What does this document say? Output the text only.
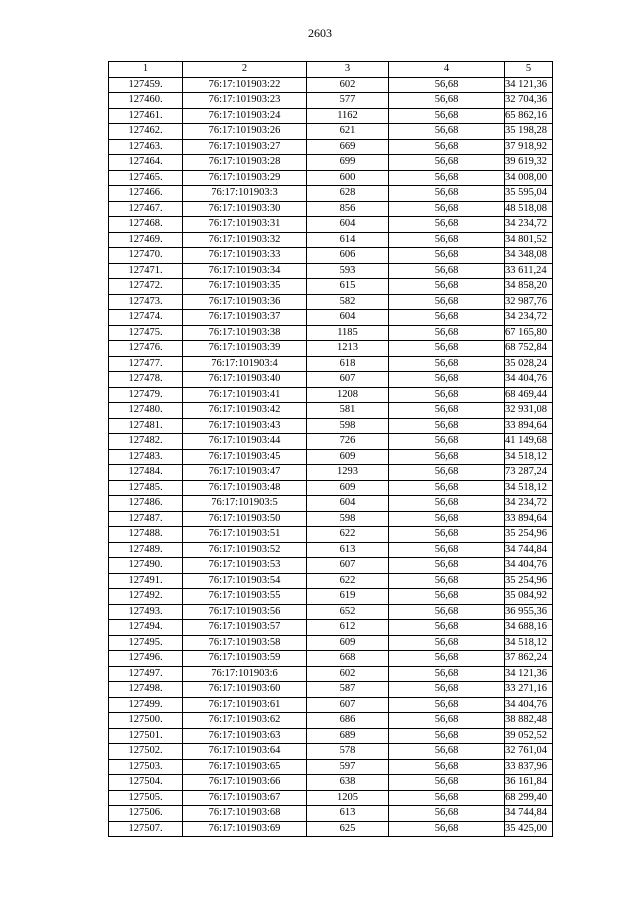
2603
1	2	3	4	5
127459.	76:17:101903:22	602	56,68	34 121,36
127460.	76:17:101903:23	577	56,68	32 704,36
127461.	76:17:101903:24	1162	56,68	65 862,16
127462.	76:17:101903:26	621	56,68	35 198,28
127463.	76:17:101903:27	669	56,68	37 918,92
127464.	76:17:101903:28	699	56,68	39 619,32
127465.	76:17:101903:29	600	56,68	34 008,00
127466.	76:17:101903:3	628	56,68	35 595,04
127467.	76:17:101903:30	856	56,68	48 518,08
127468.	76:17:101903:31	604	56,68	34 234,72
127469.	76:17:101903:32	614	56,68	34 801,52
127470.	76:17:101903:33	606	56,68	34 348,08
127471.	76:17:101903:34	593	56,68	33 611,24
127472.	76:17:101903:35	615	56,68	34 858,20
127473.	76:17:101903:36	582	56,68	32 987,76
127474.	76:17:101903:37	604	56,68	34 234,72
127475.	76:17:101903:38	1185	56,68	67 165,80
127476.	76:17:101903:39	1213	56,68	68 752,84
127477.	76:17:101903:4	618	56,68	35 028,24
127478.	76:17:101903:40	607	56,68	34 404,76
127479.	76:17:101903:41	1208	56,68	68 469,44
127480.	76:17:101903:42	581	56,68	32 931,08
127481.	76:17:101903:43	598	56,68	33 894,64
127482.	76:17:101903:44	726	56,68	41 149,68
127483.	76:17:101903:45	609	56,68	34 518,12
127484.	76:17:101903:47	1293	56,68	73 287,24
127485.	76:17:101903:48	609	56,68	34 518,12
127486.	76:17:101903:5	604	56,68	34 234,72
127487.	76:17:101903:50	598	56,68	33 894,64
127488.	76:17:101903:51	622	56,68	35 254,96
127489.	76:17:101903:52	613	56,68	34 744,84
127490.	76:17:101903:53	607	56,68	34 404,76
127491.	76:17:101903:54	622	56,68	35 254,96
127492.	76:17:101903:55	619	56,68	35 084,92
127493.	76:17:101903:56	652	56,68	36 955,36
127494.	76:17:101903:57	612	56,68	34 688,16
127495.	76:17:101903:58	609	56,68	34 518,12
127496.	76:17:101903:59	668	56,68	37 862,24
127497.	76:17:101903:6	602	56,68	34 121,36
127498.	76:17:101903:60	587	56,68	33 271,16
127499.	76:17:101903:61	607	56,68	34 404,76
127500.	76:17:101903:62	686	56,68	38 882,48
127501.	76:17:101903:63	689	56,68	39 052,52
127502.	76:17:101903:64	578	56,68	32 761,04
127503.	76:17:101903:65	597	56,68	33 837,96
127504.	76:17:101903:66	638	56,68	36 161,84
127505.	76:17:101903:67	1205	56,68	68 299,40
127506.	76:17:101903:68	613	56,68	34 744,84
127507.	76:17:101903:69	625	56,68	35 425,00
